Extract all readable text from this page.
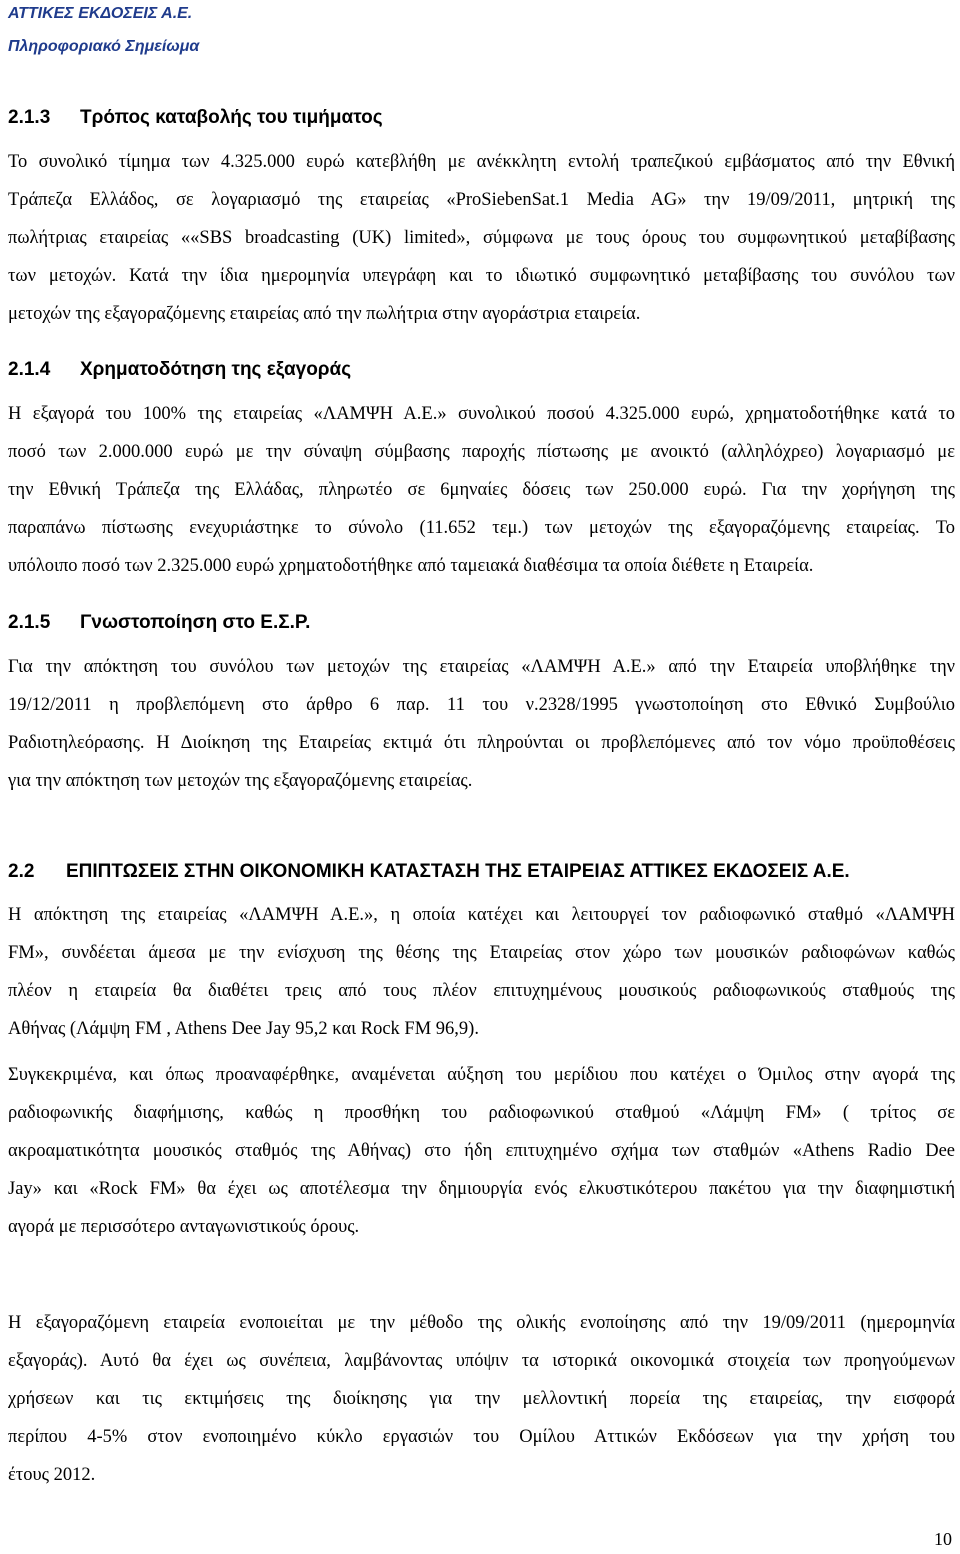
ΑΤΤΙΚΕΣ ΕΚΔΟΣΕΙΣ Α.Ε.
Πληροφοριακό Σημείωμα
2.1.3 Τρόπος καταβολής του τιμήματος
Το συνολικό τίμημα των 4.325.000 ευρώ κατεβλήθη με ανέκκλητη εντολή τραπεζικού εμβάσματος από την Εθνική
Τράπεζα Ελλάδος, σε λογαριασμό της εταιρείας «ProSiebenSat.1 Media AG» την 19/09/2011, μητρική της
πωλήτριας εταιρείας ««SBS broadcasting (UK) limited», σύμφωνα με τους όρους του συμφωνητικού μεταβίβασης
των μετοχών. Κατά την ίδια ημερομηνία υπεγράφη και το ιδιωτικό συμφωνητικό μεταβίβασης του συνόλου των
μετοχών της εξαγοραζόμενης εταιρείας από την πωλήτρια στην αγοράστρια εταιρεία.
2.1.4 Χρηματοδότηση της εξαγοράς
Η εξαγορά του 100% της εταιρείας «ΛΑΜΨΗ Α.Ε.» συνολικού ποσού 4.325.000 ευρώ, χρηματοδοτήθηκε κατά το
ποσό των 2.000.000 ευρώ με την σύναψη σύμβασης παροχής πίστωσης με ανοικτό (αλληλόχρεο) λογαριασμό με
την Εθνική Τράπεζα της Ελλάδας, πληρωτέο σε 6μηναίες δόσεις των 250.000 ευρώ. Για την χορήγηση της
παραπάνω πίστωσης ενεχυριάστηκε το σύνολο (11.652 τεμ.) των μετοχών της εξαγοραζόμενης εταιρείας. Το
υπόλοιπο ποσό των 2.325.000 ευρώ χρηματοδοτήθηκε από ταμειακά διαθέσιμα τα οποία διέθετε η Εταιρεία.
2.1.5 Γνωστοποίηση στο Ε.Σ.Ρ.
Για την απόκτηση του συνόλου των μετοχών της εταιρείας «ΛΑΜΨΗ Α.Ε.» από την Εταιρεία υποβλήθηκε την
19/12/2011 η προβλεπόμενη στο άρθρο 6 παρ. 11 του ν.2328/1995 γνωστοποίηση στο Εθνικό Συμβούλιο
Ραδιοτηλεόρασης. Η Διοίκηση της Εταιρείας εκτιμά ότι πληρούνται οι προβλεπόμενες από τον νόμο προϋποθέσεις
για την απόκτηση των μετοχών της εξαγοραζόμενης εταιρείας.
2.2 ΕΠΙΠΤΩΣΕΙΣ ΣΤΗΝ ΟΙΚΟΝΟΜΙΚΗ ΚΑΤΑΣΤΑΣΗ ΤΗΣ ΕΤΑΙΡΕΙΑΣ ΑΤΤΙΚΕΣ ΕΚΔΟΣΕΙΣ Α.Ε.
Η απόκτηση της εταιρείας «ΛΑΜΨΗ Α.Ε.», η οποία κατέχει και λειτουργεί τον ραδιοφωνικό σταθμό «ΛΑΜΨΗ
FM», συνδέεται άμεσα με την ενίσχυση της θέσης της Εταιρείας στον χώρο των μουσικών ραδιοφώνων καθώς
πλέον η εταιρεία θα διαθέτει τρεις από τους πλέον επιτυχημένους μουσικούς ραδιοφωνικούς σταθμούς της
Αθήνας (Λάμψη FM , Athens Dee Jay 95,2 και Rock FM 96,9).
Συγκεκριμένα, και όπως προαναφέρθηκε, αναμένεται αύξηση του μερίδιου που κατέχει ο Όμιλος στην αγορά της
ραδιοφωνικής διαφήμισης, καθώς η προσθήκη του ραδιοφωνικού σταθμού «Λάμψη FM» ( τρίτος σε
ακροαματικότητα μουσικός σταθμός της Αθήνας) στο ήδη επιτυχημένο σχήμα των σταθμών «Athens Radio Dee
Jay» και «Rock FM» θα έχει ως αποτέλεσμα την δημιουργία ενός ελκυστικότερου πακέτου για την διαφημιστική
αγορά με περισσότερο ανταγωνιστικούς όρους.
Η εξαγοραζόμενη εταιρεία ενοποιείται με την μέθοδο της ολικής ενοποίησης από την 19/09/2011 (ημερομηνία
εξαγοράς). Αυτό θα έχει ως συνέπεια, λαμβάνοντας υπόψιν τα ιστορικά οικονομικά στοιχεία των προηγούμενων
χρήσεων και τις εκτιμήσεις της διοίκησης για την μελλοντική πορεία της εταιρείας, την εισφορά
περίπου 4-5% στον ενοποιημένο κύκλο εργασιών του Ομίλου Αττικών Εκδόσεων για την χρήση του
έτους 2012.
10
